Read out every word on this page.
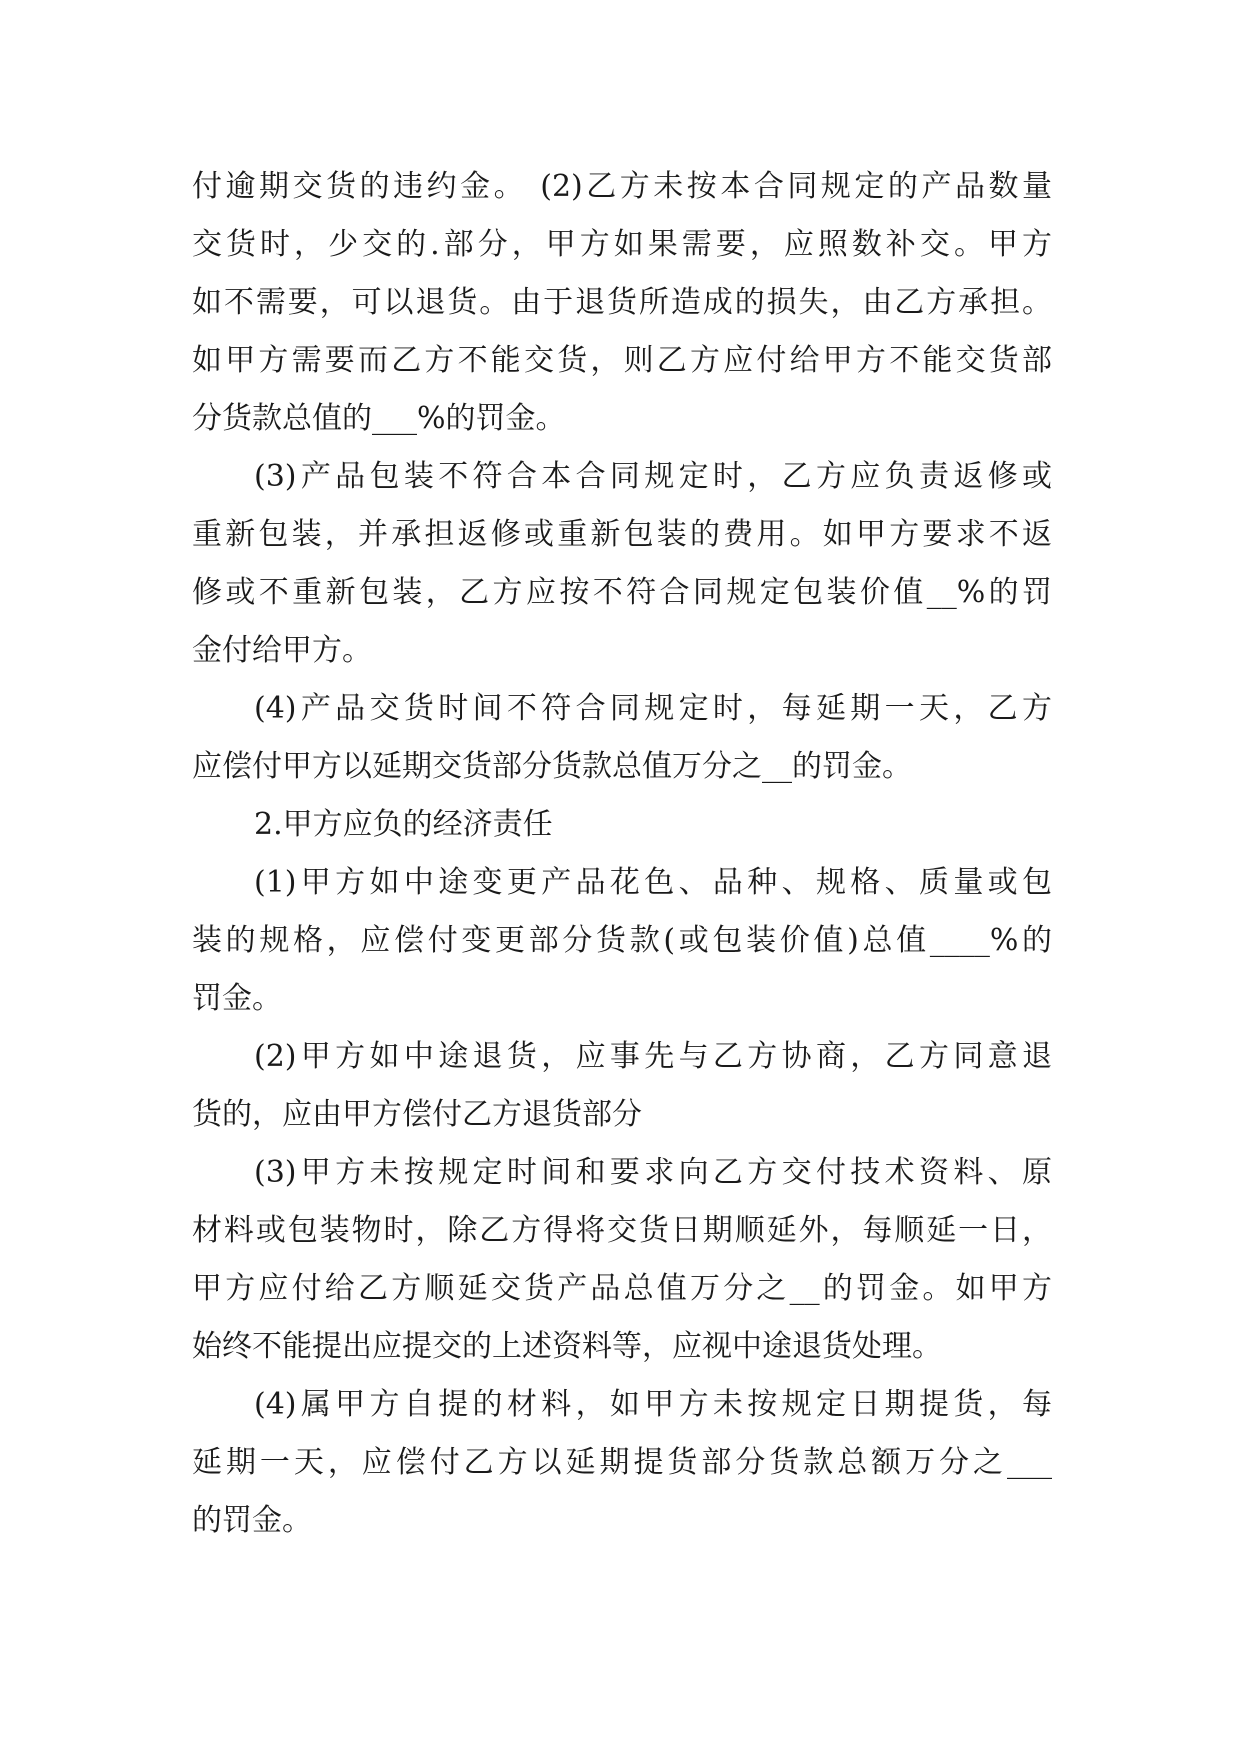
付逾期交货的违约金。 (2)乙方未按本合同规定的产品数量
交货时，少交的.部分，甲方如果需要，应照数补交。甲方
如不需要，可以退货。由于退货所造成的损失，由乙方承担。
如甲方需要而乙方不能交货，则乙方应付给甲方不能交货部
分货款总值的___%的罚金。
(3)产品包装不符合本合同规定时，乙方应负责返修或
重新包装，并承担返修或重新包装的费用。如甲方要求不返
修或不重新包装，乙方应按不符合同规定包装价值__%的罚
金付给甲方。
(4)产品交货时间不符合同规定时，每延期一天，乙方
应偿付甲方以延期交货部分货款总值万分之__的罚金。
2.甲方应负的经济责任
(1)甲方如中途变更产品花色、品种、规格、质量或包
装的规格，应偿付变更部分货款(或包装价值)总值____%的
罚金。
(2)甲方如中途退货，应事先与乙方协商，乙方同意退
货的，应由甲方偿付乙方退货部分
(3)甲方未按规定时间和要求向乙方交付技术资料、原
材料或包装物时，除乙方得将交货日期顺延外，每顺延一日，
甲方应付给乙方顺延交货产品总值万分之__的罚金。如甲方
始终不能提出应提交的上述资料等，应视中途退货处理。
(4)属甲方自提的材料，如甲方未按规定日期提货，每
延期一天，应偿付乙方以延期提货部分货款总额万分之___
的罚金。
